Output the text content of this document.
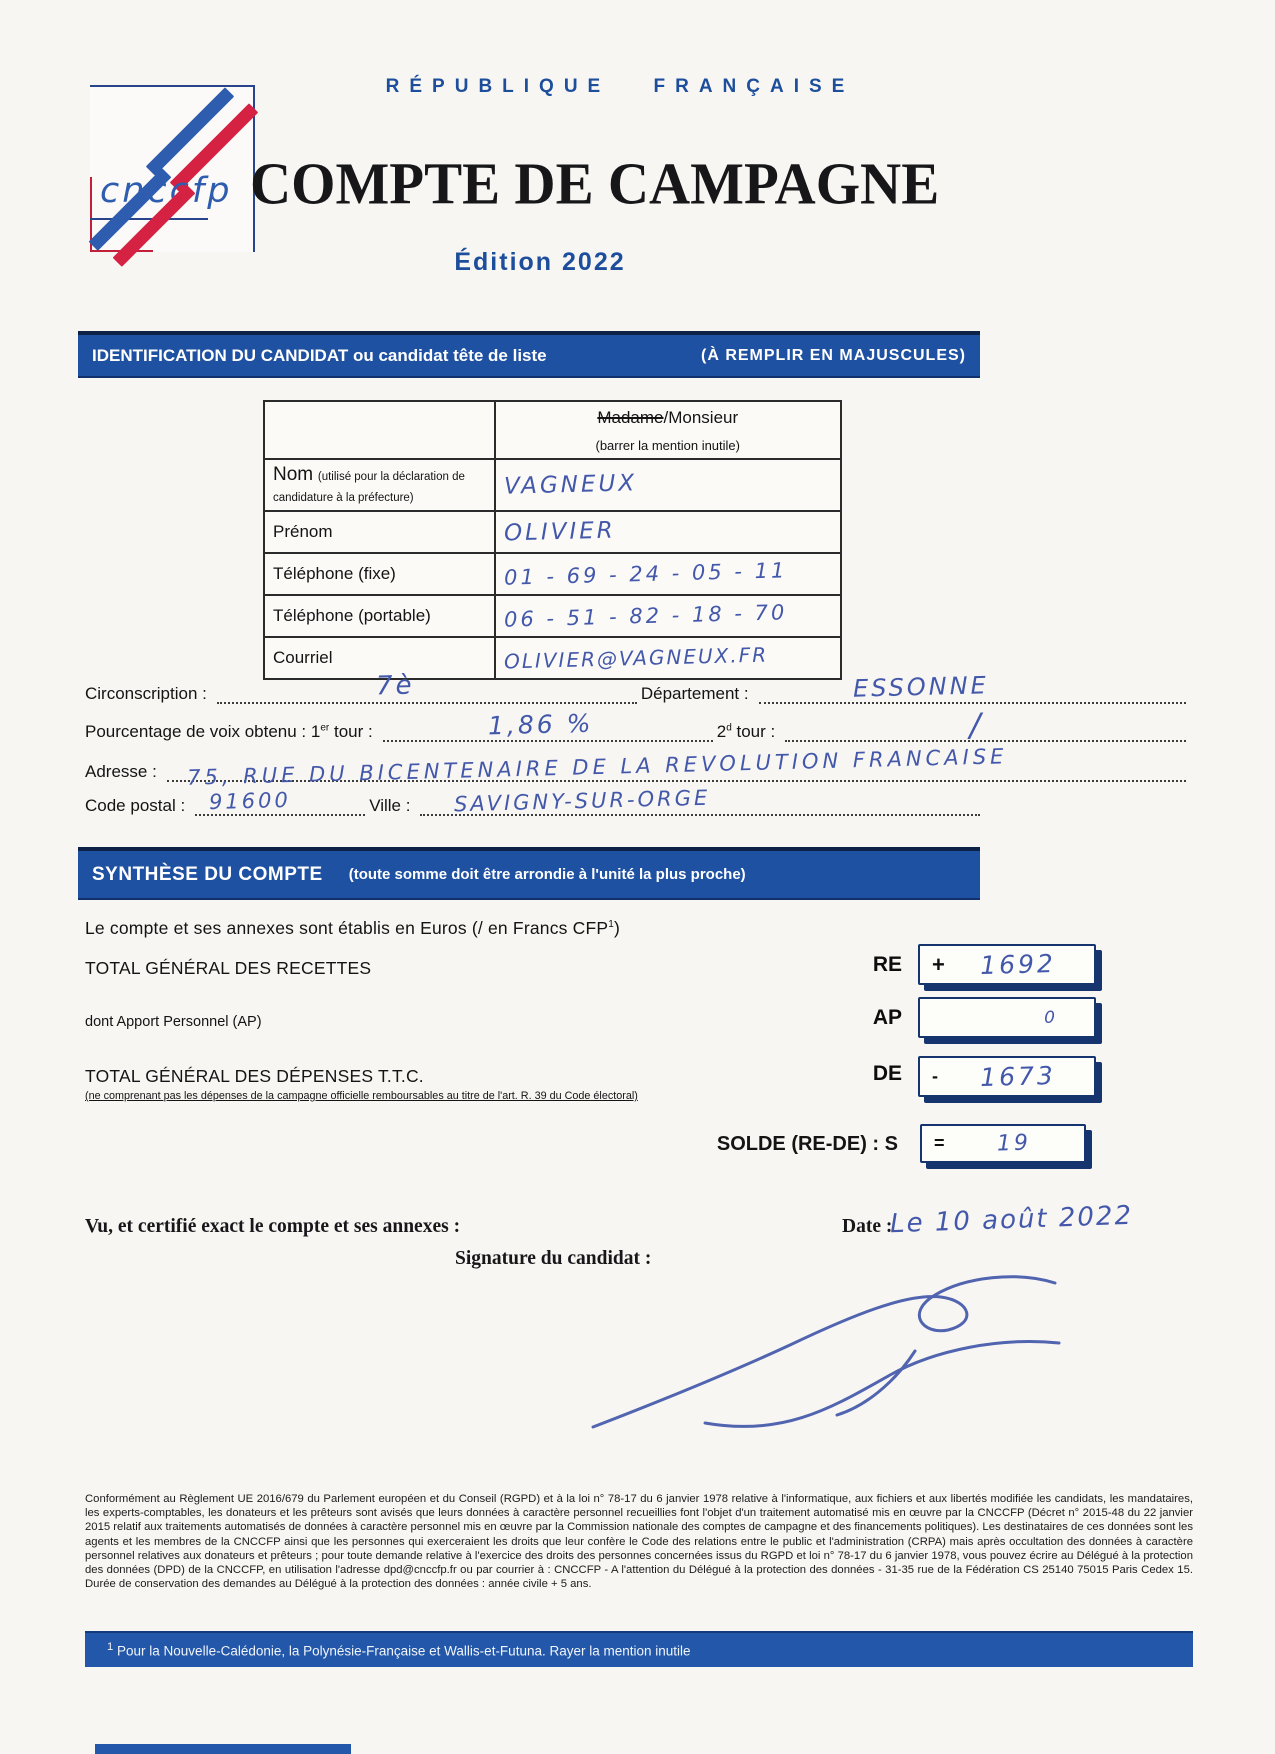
cnccfp
RÉPUBLIQUE FRANÇAISE
COMPTE DE CAMPAGNE
Édition 2022
IDENTIFICATION DU CANDIDAT ou candidat tête de liste	(À REMPLIR EN MAJUSCULES)
	Madame/Monsieur
(barrer la mention inutile)

Nom (utilisé pour la déclaration de candidature à la préfecture)	VAGNEUX
Prénom	OLIVIER
Téléphone (fixe)	01 - 69 - 24 - 05 - 11
Téléphone (portable)	06 - 51 - 82 - 18 - 70
Courriel	OLIVIER@VAGNEUX.FR
Circonscription :	7è	Département :	ESSONNE
Pourcentage de voix obtenu : 1er tour :	1,86 %	2$^d$ tour :	/
Adresse : 75, RUE DU BICENTENAIRE DE LA REVOLUTION FRANCAISE
Code postal : 91600	Ville : SAVIGNY-SUR-ORGE
SYNTHÈSE DU COMPTE (toute somme doit être arrondie à l'unité la plus proche)
Le compte et ses annexes sont établis en Euros (/ en Francs CFP$^1$)
TOTAL GÉNÉRAL DES RECETTES	RE +	1692
dont Apport Personnel (AP)	AP	0
TOTAL GÉNÉRAL DES DÉPENSES T.T.C.
(ne comprenant pas les dépenses de la campagne officielle remboursables au titre de l'art. R. 39 du Code électoral)
DE -	1673
SOLDE (RE-DE) : S =	19
Vu, et certifié exact le compte et ses annexes :	Date :
Le 10 août 2022
Signature du candidat :
Conformément au Règlement UE 2016/679 du Parlement européen et du Conseil (RGPD) et à la loi n° 78-17 du 6 janvier 1978 relative à l'informatique, aux fichiers et aux libertés modifiée les candidats, les mandataires, les experts-comptables, les donateurs et les prêteurs sont avisés que leurs données à caractère personnel recueillies font l'objet d'un traitement automatisé mis en œuvre par la CNCCFP (Décret n° 2015-48 du 22 janvier 2015 relatif aux traitements automatisés de données à caractère personnel mis en œuvre par la Commission nationale des comptes de campagne et des financements politiques). Les destinataires de ces données sont les agents et les membres de la CNCCFP ainsi que les personnes qui exerceraient les droits que leur confère le Code des relations entre le public et l'administration (CRPA) mais après occultation des données à caractère personnel relatives aux donateurs et prêteurs ; pour toute demande relative à l'exercice des droits des personnes concernées issus du RGPD et loi n° 78-17 du 6 janvier 1978, vous pouvez écrire au Délégué à la protection des données (DPD) de la CNCCFP, en utilisation l'adresse dpd@cnccfp.fr ou par courrier à : CNCCFP - A l'attention du Délégué à la protection des données - 31-35 rue de la Fédération CS 25140 75015 Paris Cedex 15. Durée de conservation des demandes au Délégué à la protection des données : année civile + 5 ans.
$^1$ Pour la Nouvelle-Calédonie, la Polynésie-Française et Wallis-et-Futuna. Rayer la mention inutile
